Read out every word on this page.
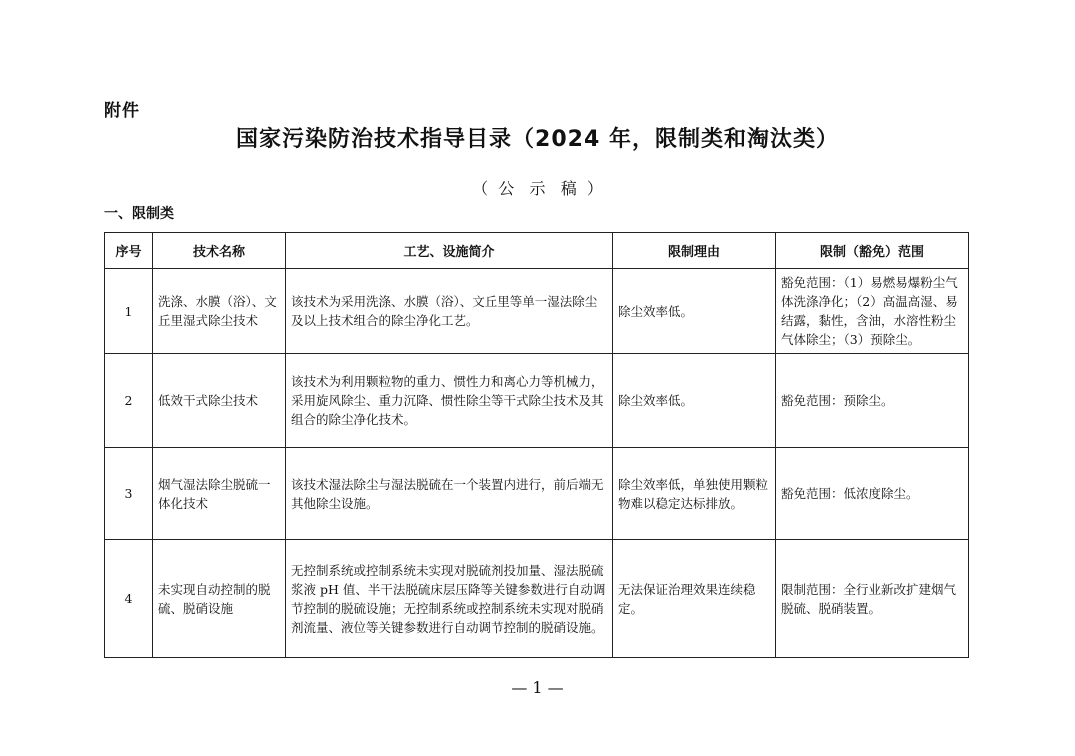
附件
国家污染防治技术指导目录（2024 年，限制类和淘汰类）
（  公   示   稿  ）
一、限制类
序号	技术名称	工艺、设施简介	限制理由	限制（豁免）范围
1	洗涤、水膜（浴）、文丘里湿式除尘技术	该技术为采用洗涤、水膜（浴）、文丘里等单一湿法除尘及以上技术组合的除尘净化工艺。	除尘效率低。	豁免范围：（1）易燃易爆粉尘气体洗涤净化；（2）高温高湿、易结露，黏性，含油，水溶性粉尘气体除尘；（3）预除尘。
2	低效干式除尘技术	该技术为利用颗粒物的重力、惯性力和离心力等机械力，采用旋风除尘、重力沉降、惯性除尘等干式除尘技术及其组合的除尘净化技术。	除尘效率低。	豁免范围：预除尘。
3	烟气湿法除尘脱硫一体化技术	该技术湿法除尘与湿法脱硫在一个装置内进行，前后端无其他除尘设施。	除尘效率低，单独使用颗粒物难以稳定达标排放。	豁免范围：低浓度除尘。
4	未实现自动控制的脱硫、脱硝设施	无控制系统或控制系统未实现对脱硫剂投加量、湿法脱硫浆液 pH 值、半干法脱硫床层压降等关键参数进行自动调节控制的脱硫设施；无控制系统或控制系统未实现对脱硝剂流量、液位等关键参数进行自动调节控制的脱硝设施。	无法保证治理效果连续稳定。	限制范围：全行业新改扩建烟气脱硫、脱硝装置。
— 1 —
